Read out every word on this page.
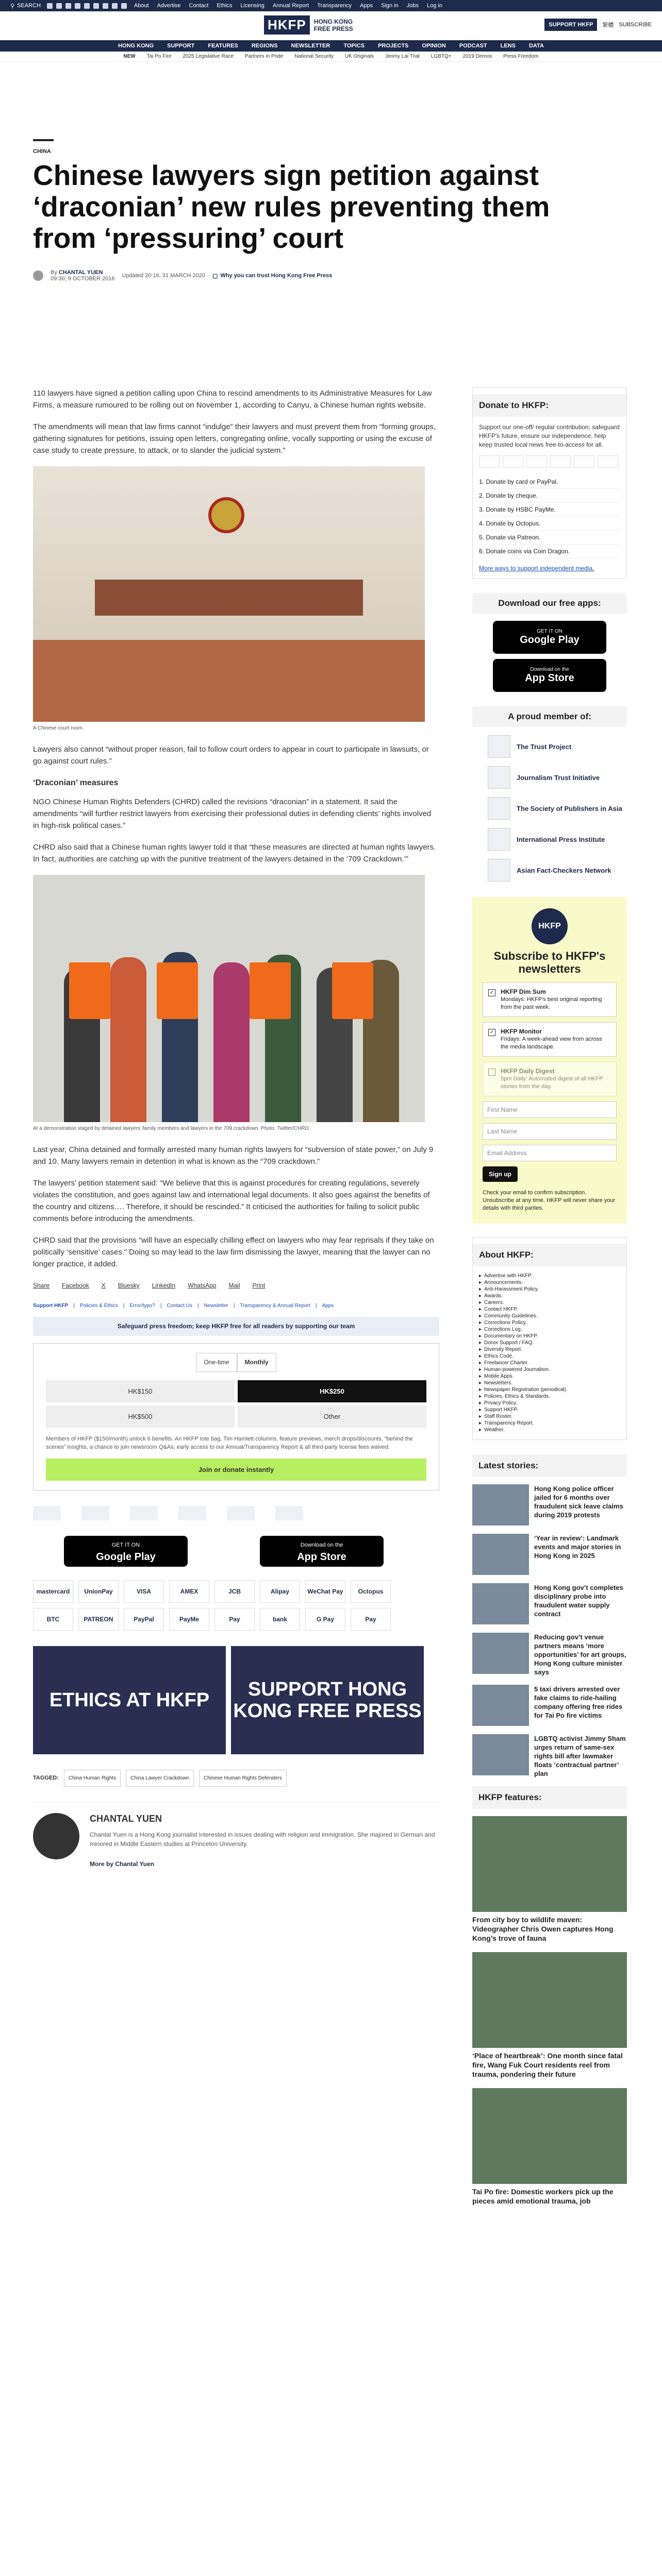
⚲ SEARCH	About Advertise Contact Ethics Licensing Annual Report Transparency Apps Sign in Jobs Log in
HKFP	HONG KONG
FREE PRESS
SUPPORT HKFP	繁體 SUBSCRIBE
HONG KONG SUPPORT FEATURES REGIONS NEWSLETTER TOPICS PROJECTS OPINION PODCAST LENS DATA
NEW Tai Po Fire 2025 Legislative Race Partners in Pride National Security UK Originals Jimmy Lai Trial LGBTQ+ 2019 Demos Press Freedom
CHINA
Chinese lawyers sign petition against ‘draconian’ new rules preventing them from ‘pressuring’ court
By CHANTAL YUEN
09:30, 9 OCTOBER 2016 Updated 20:16, 31 MARCH 2020 ▢ Why you can trust Hong Kong Free Press

110 lawyers have signed a petition calling upon China to rescind amendments to its Administrative Measures for Law Firms, a measure rumoured to be rolling out on November 1, according to Canyu, a Chinese human rights website.

The amendments will mean that law firms cannot “indulge” their lawyers and must prevent them from “forming groups, gathering signatures for petitions, issuing open letters, congregating online, vocally supporting or using the excuse of case study to create pressure, to attack, or to slander the judicial system.”

A Chinese court room.

Lawyers also cannot “without proper reason, fail to follow court orders to appear in court to participate in lawsuits, or go against court rules.”

‘Draconian’ measures

NGO Chinese Human Rights Defenders (CHRD) called the revisions “draconian” in a statement. It said the amendments “will further restrict lawyers from exercising their professional duties in defending clients’ rights involved in high-risk political cases.”

CHRD also said that a Chinese human rights lawyer told it that “these measures are directed at human rights lawyers. In fact, authorities are catching up with the punitive treatment of the lawyers detained in the ‘709 Crackdown.’”

At a demonstration staged by detained lawyers’ family members and lawyers in the 709 crackdown. Photo: Twitter/CHRD.

Last year, China detained and formally arrested many human rights lawyers for “subversion of state power,” on July 9 and 10. Many lawyers remain in detention in what is known as the “709 crackdown.”

The lawyers’ petition statement said: “We believe that this is against procedures for creating regulations, severely violates the constitution, and goes against law and international legal documents. It also goes against the benefits of the country and citizens…. Therefore, it should be rescinded.” It criticised the authorities for failing to solicit public comments before introducing the amendments.

CHRD said that the provisions “will have an especially chilling effect on lawyers who may fear reprisals if they take on politically ‘sensitive’ cases.” Doing so may lead to the law firm dismissing the lawyer, meaning that the lawyer can no longer practice, it added.

Share Facebook X Bluesky LinkedIn WhatsApp Mail Print
Support HKFP | Policies & Ethics | Error/typo? | Contact Us | Newsletter | Transparency & Annual Report | Apps
Safeguard press freedom; keep HKFP free for all readers by supporting our team
One-time	Monthly
HK$150	HK$250
HK$500	Other
Members of HKFP ($150/month) unlock 6 benefits. An HKFP tote bag, Tim Hamlett columns, feature previews, merch drops/discounts, “behind the scenes” insights, a chance to join newsroom Q&As, early access to our Annual/Transparency Report & all third-party license fees waived.
Join or donate instantly
GET IT ON
Google Play
Download on the
App Store
mastercard	UnionPay	VISA	AMEX	JCB	Alipay	WeChat Pay	Octopus
BTC	PATREON	PayPal	PayMe	Pay	bank	G Pay	Pay
ETHICS AT HKFP	SUPPORT HONG KONG FREE PRESS
TAGGED:	China Human Rights	China Lawyer Crackdown	Chinese Human Rights Defenders
CHANTAL YUEN

Chantal Yuen is a Hong Kong journalist interested in issues dealing with religion and immigration. She majored in German and minored in Middle Eastern studies at Princeton University.

More by Chantal Yuen
Donate to HKFP:

Support our one-off/ regular contribution; safeguard HKFP's future, ensure our independence, help keep trusted local news free-to-access for all.

1. Donate by card or PayPal.
2. Donate by cheque.
3. Donate by HSBC PayMe.
4. Donate by Octopus.
5. Donate via Patreon.
6. Donate coins via Coin Dragon.
More ways to support independent media.
Download our free apps:
GET IT ON
Google Play
Download on the
App Store
A proud member of:
The Trust Project
Journalism Trust Initiative
The Society of Publishers in Asia
International Press Institute
Asian Fact-Checkers Network
HKFP
Subscribe to HKFP's newsletters
✓ HKFP Dim Sum
Mondays: HKFP's best original reporting from the past week.
✓ HKFP Monitor
Fridays: A week-ahead view from across the media landscape.
HKFP Daily Digest
5pm Daily: Automated digest of all HKFP stories from the day.
First Name
Last Name
Email Address
Sign up
Check your email to confirm subscription. Unsubscribe at any time. HKFP will never share your details with third parties.
About HKFP:
▸ Advertise with HKFP.
▸ Announcements.
▸ Anti-Harassment Policy.
▸ Awards.
▸ Careers.
▸ Contact HKFP.
▸ Community Guidelines.
▸ Corrections Policy.
▸ Corrections Log.
▸ Documentary on HKFP.
▸ Donor Support / FAQ.
▸ Diversity Report.
▸ Ethics Code.
▸ Freelancer Charter.
▸ Human-powered Journalism.
▸ Mobile Apps.
▸ Newsletters.
▸ Newspaper Registration (periodical).
▸ Policies, Ethics & Standards.
▸ Privacy Policy.
▸ Support HKFP.
▸ Staff Roster.
▸ Transparency Report.
▸ Weather.
Latest stories:
Hong Kong police officer jailed for 6 months over fraudulent sick leave claims during 2019 protests
‘Year in review’: Landmark events and major stories in Hong Kong in 2025
Hong Kong gov’t completes disciplinary probe into fraudulent water supply contract
Reducing gov’t venue partners means ‘more opportunities’ for art groups, Hong Kong culture minister says
5 taxi drivers arrested over fake claims to ride-hailing company offering free rides for Tai Po fire victims
LGBTQ activist Jimmy Sham urges return of same-sex rights bill after lawmaker floats ‘contractual partner’ plan
HKFP features:
From city boy to wildlife maven: Videographer Chris Owen captures Hong Kong’s trove of fauna
‘Place of heartbreak’: One month since fatal fire, Wang Fuk Court residents reel from trauma, pondering their future
Tai Po fire: Domestic workers pick up the pieces amid emotional trauma, job
